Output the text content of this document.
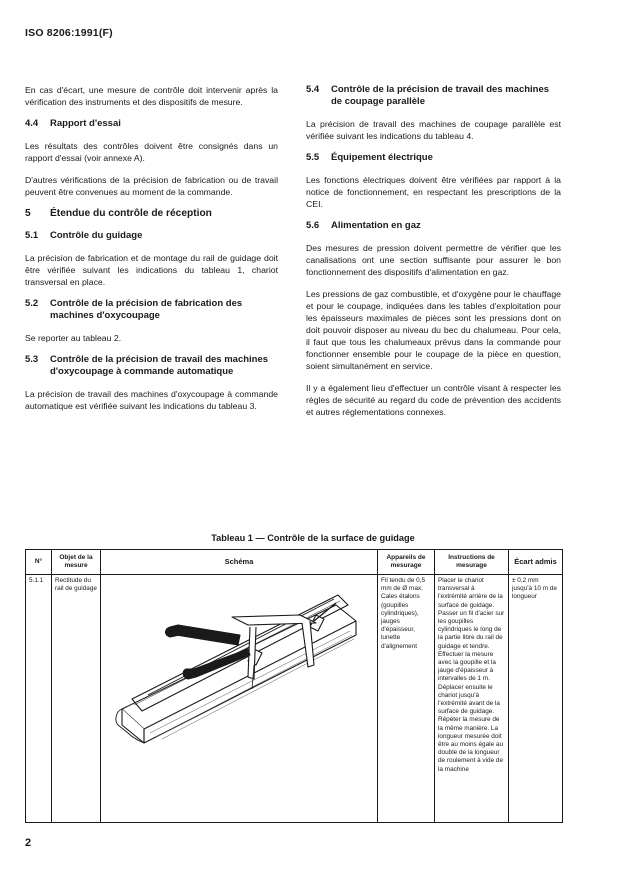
ISO 8206:1991(F)

En cas d'écart, une mesure de contrôle doit intervenir après la vérification des instruments et des dispositifs de mesure.

4.4	Rapport d'essai

Les résultats des contrôles doivent être consignés dans un rapport d'essai (voir annexe A).

D'autres vérifications de la précision de fabrication ou de travail peuvent être convenues au moment de la commande.

5	Étendue du contrôle de réception
5.1	Contrôle du guidage

La précision de fabrication et de montage du rail de guidage doit être vérifiée suivant les indications du tableau 1, chariot transversal en place.

5.2	Contrôle de la précision de fabrication des machines d'oxycoupage

Se reporter au tableau 2.

5.3	Contrôle de la précision de travail des machines d'oxycoupage à commande automatique

La précision de travail des machines d'oxycoupage à commande automatique est vérifiée suivant les indications du tableau 3.

5.4	Contrôle de la précision de travail des machines de coupage parallèle

La précision de travail des machines de coupage parallèle est vérifiée suivant les indications du tableau 4.

5.5	Équipement électrique

Les fonctions électriques doivent être vérifiées par rapport à la notice de fonctionnement, en respectant les prescriptions de la CEI.

5.6	Alimentation en gaz

Des mesures de pression doivent permettre de vérifier que les canalisations ont une section suffisante pour assurer le bon fonctionnement des dispositifs d'alimentation en gaz.

Les pressions de gaz combustible, et d'oxygène pour le chauffage et pour le coupage, indiquées dans les tables d'exploitation pour les épaisseurs maximales de pièces sont les pressions dont on doit pouvoir disposer au niveau du bec du chalumeau. Pour cela, il faut que tous les chalumeaux prévus dans la commande pour fonctionner ensemble pour le coupage de la pièce en question, soient simultanément en service.

Il y a également lieu d'effectuer un contrôle visant à respecter les règles de sécurité au regard du code de prévention des accidents et autres réglementations connexes.

Tableau 1 — Contrôle de la surface de guidage
N°	Objet de la mesure	Schéma	Appareils de mesurage	Instructions de mesurage	Écart admis
5.1.1	Rectitude du rail de guidage		Fil tendu de 0,5 mm de Ø max. Cales étalons (goupilles cylindriques), jauges d'épaisseur, lunette d'alignement	Placer le chariot transversal à l'extrémité arrière de la surface de guidage. Passer un fil d'acier sur les goupilles cylindriques le long de la partie libre du rail de guidage et tendre. Effectuer la mesure avec la goupille et la jauge d'épaisseur à intervalles de 1 m. Déplacer ensuite le chariot jusqu'à l'extrémité avant de la surface de guidage. Répéter la mesure de la même manière. La longueur mesurée doit être au moins égale au double de la longueur de roulement à vide de la machine	± 0,2 mm jusqu'à 10 m de longueur
2
